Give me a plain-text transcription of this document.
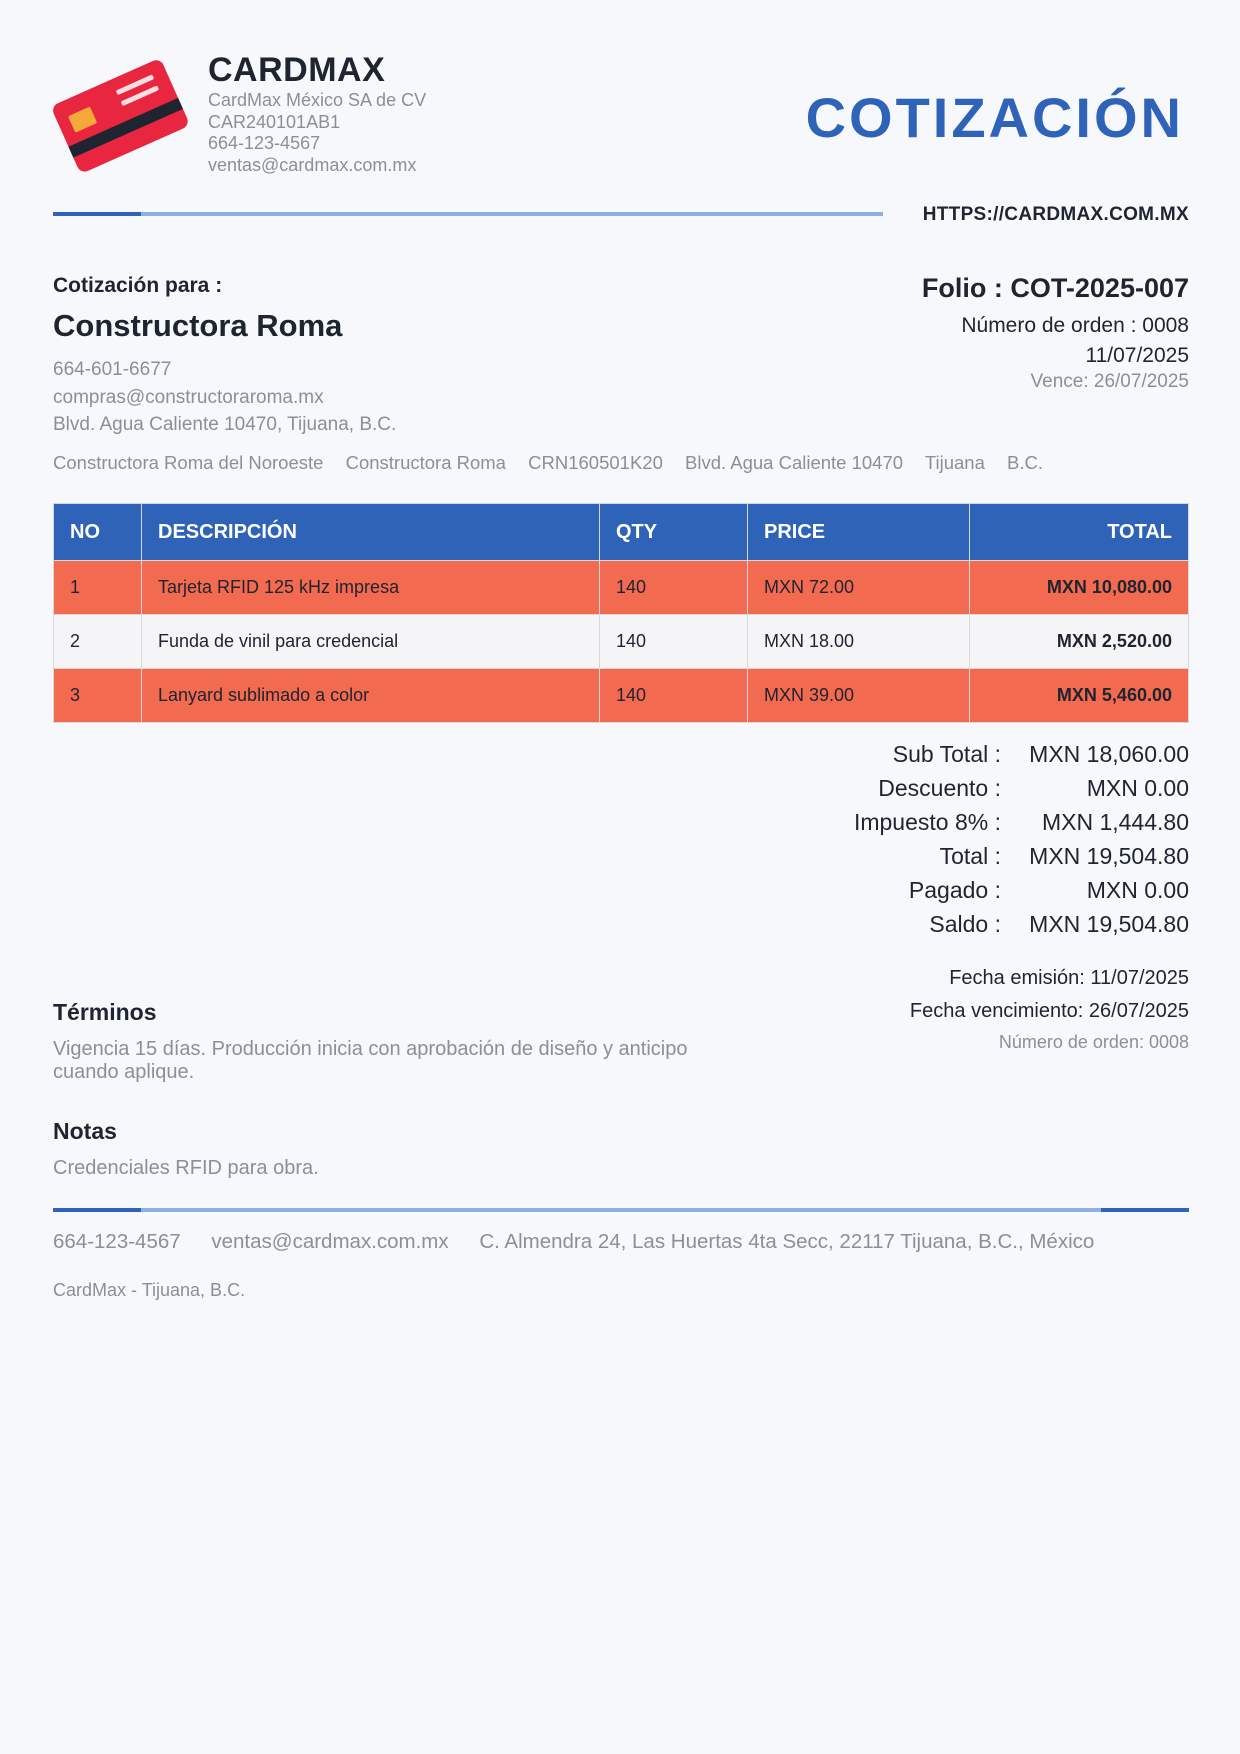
CARDMAX
CardMax México SA de CV
CAR240101AB1
664-123-4567
ventas@cardmax.com.mx
COTIZACIÓN
HTTPS://CARDMAX.COM.MX
Cotización para :
Constructora Roma
664-601-6677
compras@constructoraroma.mx
Blvd. Agua Caliente 10470, Tijuana, B.C.
Constructora Roma del Noroeste Constructora Roma CRN160501K20 Blvd. Agua Caliente 10470 Tijuana B.C.
Folio : COT-2025-007
Número de orden : 0008
11/07/2025
Vence: 26/07/2025
NO	DESCRIPCIÓN	QTY	PRICE	TOTAL
1	Tarjeta RFID 125 kHz impresa	140	MXN 72.00	MXN 10,080.00
2	Funda de vinil para credencial	140	MXN 18.00	MXN 2,520.00
3	Lanyard sublimado a color	140	MXN 39.00	MXN 5,460.00
Sub Total :	MXN 18,060.00
Descuento :	MXN 0.00
Impuesto 8% :	MXN 1,444.80
Total :	MXN 19,504.80
Pagado :	MXN 0.00
Saldo :	MXN 19,504.80
Fecha emisión: 11/07/2025
Fecha vencimiento: 26/07/2025
Número de orden: 0008
Términos
Vigencia 15 días. Producción inicia con aprobación de diseño y anticipo cuando aplique.
Notas
Credenciales RFID para obra.
664-123-4567 ventas@cardmax.com.mx C. Almendra 24, Las Huertas 4ta Secc, 22117 Tijuana, B.C., México
CardMax - Tijuana, B.C.
